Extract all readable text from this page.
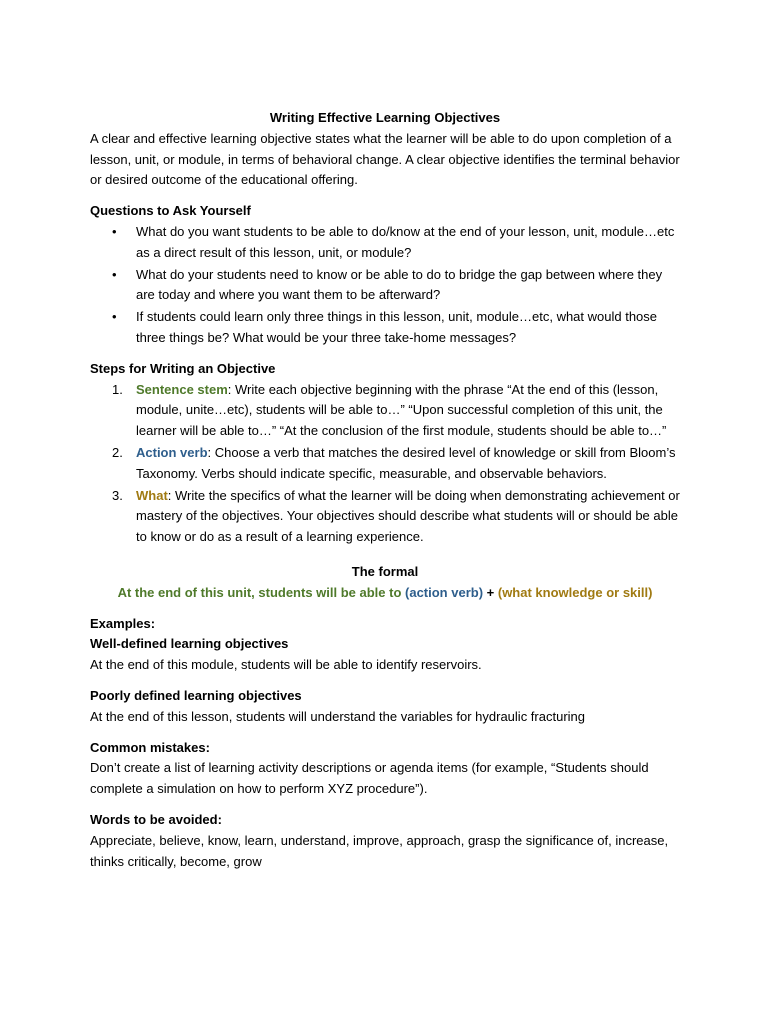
Writing Effective Learning Objectives

A clear and effective learning objective states what the learner will be able to do upon completion of a lesson, unit, or module, in terms of behavioral change. A clear objective identifies the terminal behavior or desired outcome of the educational offering.

Questions to Ask Yourself

• What do you want students to be able to do/know at the end of your lesson, unit, module…etc as a direct result of this lesson, unit, or module?
• What do your students need to know or be able to do to bridge the gap between where they are today and where you want them to be afterward?
• If students could learn only three things in this lesson, unit, module…etc, what would those three things be? What would be your three take-home messages?

Steps for Writing an Objective

1. Sentence stem: Write each objective beginning with the phrase “At the end of this (lesson, module, unite…etc), students will be able to…” “Upon successful completion of this unit, the learner will be able to…” “At the conclusion of the first module, students should be able to…”
2. Action verb: Choose a verb that matches the desired level of knowledge or skill from Bloom’s Taxonomy. Verbs should indicate specific, measurable, and observable behaviors.
3. What: Write the specifics of what the learner will be doing when demonstrating achievement or mastery of the objectives. Your objectives should describe what students will or should be able to know or do as a result of a learning experience.

The formal

At the end of this unit, students will be able to (action verb) + (what knowledge or skill)

Examples:

Well-defined learning objectives

At the end of this module, students will be able to identify reservoirs.

Poorly defined learning objectives

At the end of this lesson, students will understand the variables for hydraulic fracturing

Common mistakes:

Don’t create a list of learning activity descriptions or agenda items (for example, “Students should complete a simulation on how to perform XYZ procedure”).

Words to be avoided:

Appreciate, believe, know, learn, understand, improve, approach, grasp the significance of, increase, thinks critically, become, grow
